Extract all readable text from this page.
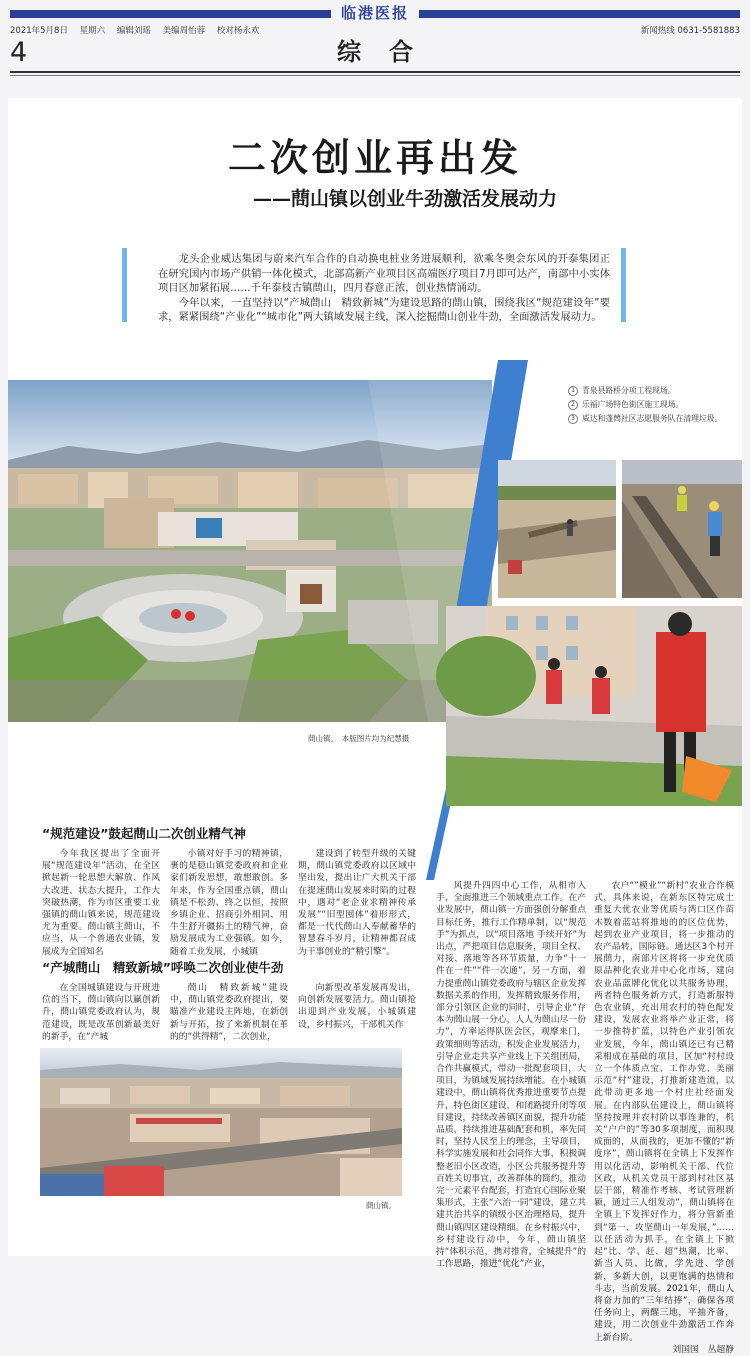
临港医报
2021年5月8日 星期六 编辑刘瑶 美编周怡蓉 校对杨永欢	新闻热线 0631-5581883
4	综合
二次创业再出发
——蔄山镇以创业牛劲激活发展动力

龙头企业威达集团与蔚来汽车合作的自动换电桩业务进展顺利，欲乘冬奥会东风的开泰集团正在研究国内市场产供销一体化模式，北部高新产业项目区高端医疗项目7月即可达产，南部中小实体项目区加紧拓展……千年泰枝古镇蔄山，四月春意正浓，创业热情涌动。

今年以来，一直坚持以“产城蔄山　精致新城”为建设思路的蔄山镇，围绕我区“规范建设年”要求，紧紧围绕“产业化”“城市化”两大镇域发展主线，深入挖掘蔄山创业牛劲，全面激活发展动力。

蔄山镇。　本版图片均为纪慧摄
1 青泉县路桥分项工程现场。
2 乐福广场特色街区施工现场。
3 威达和蓬蔄社区志愿服务队在清理垃圾。
“规范建设”鼓起蔄山二次创业精气神

今年我区提出了全面开展“规范建设年”活动，在全区掀起新一轮思想大解放、作风大改进、状态大提升，工作大突破热潮，作为市区重要工业强镇的蔄山镇来说，规范建设尤为重要。蔄山镇主蔄山，不应当，从一个普通农业镇，发展成为全国知名

小镇对好手习的精神镇，裹的是稳山镇党委政府和企业家们新发思想，敢想敢创。多年来，作为全国重点镇，蔄山镇是不松劲、终之以恒，按照乡镇企业、招商引外相同、用牛生舒开疆拓土的精气神，奋励发展成为工业强镇。如今，随着工业发展，小城镇

建设到了转型升级的关键期，蔄山镇党委政府以区域中坚出发，提出让广大机关干部在提速蔄山发展来时陷的过程中，遇对“老企业求精神传承发展”“旧型囤体”着形形式，都是一代代蔄山人奉献蓄华的智慧春斗岁月，让精神都召成为干事创业的“精引擎”。

“产城蔄山　精致新城”呼唤二次创业使牛劲

在全国城镇建设与开班进位的当下，蔄山镇向以赢创新升，蔄山镇党委政府认为，规范建设，既是改革创新最美好的新手，在“产城

蔄山　精致新城”建设中，蔄山镇党委政府提出，要瞄准产业建设主阵地，在新创新与开拓，按了来新机制在革的的“供得精”，二次创业，

向新型改革发展再发出，向创新发展要活力。蔄山镇抢出迎到产业发展，小城镇建设，乡村振兴，干部机关作

蔄山镇。

风提升四四中心工作，从相市入手，全面推进三个领域重点工作。在产业发展中，蔄山镇一方面强创分解重点目标任务，推行工作精单制，以“规范手”为抓点，以“项目落地 手续开好”为出点，严把项目信息服务，项目全权、对接、落地等各环节质量，力争“十一件在一件”“件一次通”，另一方面，着力提重蔄山镇党委政府与辖区企业发挥数据关系的作用，发挥精致服务作用，部分引领区企业的同时，引导企业“存本为蔄山展一分心，人人为蔄山尽一份力”，方率运得队医会区，观摩来门，政策细则等活动，积发企业发展活力，引导企业走共享产业线上下关组团局，合作共赢模式，带动一批配套项目，大项目，为镇域发展持续增能。在小城镇建设中，蔄山镇将优秀推进重要节点提升，特色街区建设，和闭路提升闭等项目建设，持续改善镇区面貌，提升功能品质，持续推进基础配套和机，率先同时，坚持人民至上的理念，主导项目，科学实施发展和社会同作大事，积极调整老旧小区改造，小区公共服务提升等百姓关切事宜，改善群体的简约，推动完一元素平台配套，打造宜心国际业聚集形式，主张“六治一同”建设，建立共建共治共享的镇级小区治理格局，提升蔄山镇四区建设精细。在乡村振兴中，乡村建设行动中，今年，蔄山镇坚持“体积示范，携对推背，全城提升”的工作思路，推进“优化”产业，

农户“”模业”“新村”农业合作模式，具体来说，在新东区特完成土重复大优农业等优质与湾口区作苗木数着蓝站将推地的的区位优势，起到农业产业项目，将一步推动的农产品转，国际链。通达区3个村开展蔄力，南部片区将将一步充优质原品种化农业并中心化市场，建向农业品蓝牌化优化以共服务协理，两者特色服务新方式，打造新服特色农业镇，充出用农村的特色配发建设，发展农业将举产业正常，将一步推特扩蓝，以特色产业引领农业发展，今年，蔄山镇还已有已精采相成在基础的项目，区加“村村设立一个体质点宝、工作办党、美丽示范”村”建设，打推新建造流，以此带动更多地一个村庄社经面发展。在内部队伍建设上，蔄山镇将坚持按理并农村阶以事连兼的，机关“户户的”等30多项制度，面积现成面的，从面我的，更加不懂的“新度序”，蔄山镇将在全镇上下发挥作用以化活动，影响机关干部、代位区政，从机关党员干部到村社区基层干部，精准作考核、考试管理新颖，通过三人组发动”，蔄山镇将在全镇上下发挥好作力，将分管新重到“第一、攻坚蔄山一年发展，”……以任活动为抓手，在全镇上下掀起“比、学、赶、超”热潮，比率、新当人员、比做，学先进、学创新，多新大创，以更饱满的热情和斗志，当前发展。2021年，蔄山人将奋力加的“三年结捧”，确保各项任务向上，两醒三地，平抽齐备，建设，用二次创业牛劲激活工作奔上新台阶。

刘国国　丛超静
